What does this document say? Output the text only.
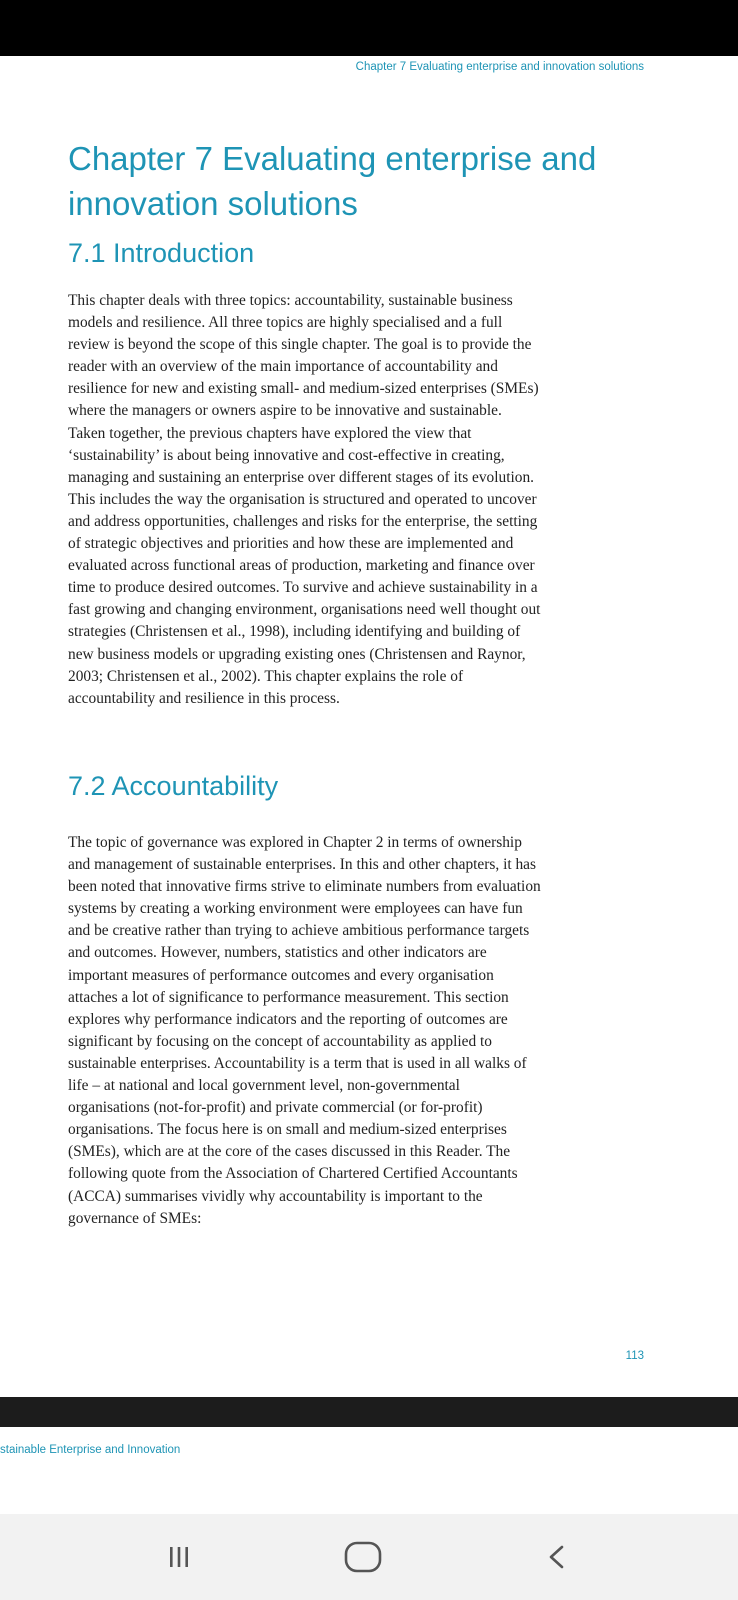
Chapter 7 Evaluating enterprise and innovation solutions
Chapter 7 Evaluating enterprise and innovation solutions
7.1 Introduction
This chapter deals with three topics: accountability, sustainable business
models and resilience. All three topics are highly specialised and a full
review is beyond the scope of this single chapter. The goal is to provide the
reader with an overview of the main importance of accountability and
resilience for new and existing small- and medium-sized enterprises (SMEs)
where the managers or owners aspire to be innovative and sustainable.
Taken together, the previous chapters have explored the view that
‘sustainability’ is about being innovative and cost-effective in creating,
managing and sustaining an enterprise over different stages of its evolution.
This includes the way the organisation is structured and operated to uncover
and address opportunities, challenges and risks for the enterprise, the setting
of strategic objectives and priorities and how these are implemented and
evaluated across functional areas of production, marketing and finance over
time to produce desired outcomes. To survive and achieve sustainability in a
fast growing and changing environment, organisations need well thought out
strategies (Christensen et al., 1998), including identifying and building of
new business models or upgrading existing ones (Christensen and Raynor,
2003; Christensen et al., 2002). This chapter explains the role of
accountability and resilience in this process.
7.2 Accountability
The topic of governance was explored in Chapter 2 in terms of ownership
and management of sustainable enterprises. In this and other chapters, it has
been noted that innovative firms strive to eliminate numbers from evaluation
systems by creating a working environment were employees can have fun
and be creative rather than trying to achieve ambitious performance targets
and outcomes. However, numbers, statistics and other indicators are
important measures of performance outcomes and every organisation
attaches a lot of significance to performance measurement. This section
explores why performance indicators and the reporting of outcomes are
significant by focusing on the concept of accountability as applied to
sustainable enterprises. Accountability is a term that is used in all walks of
life – at national and local government level, non-governmental
organisations (not-for-profit) and private commercial (or for-profit)
organisations. The focus here is on small and medium-sized enterprises
(SMEs), which are at the core of the cases discussed in this Reader. The
following quote from the Association of Chartered Certified Accountants
(ACCA) summarises vividly why accountability is important to the
governance of SMEs:
113
stainable Enterprise and Innovation
